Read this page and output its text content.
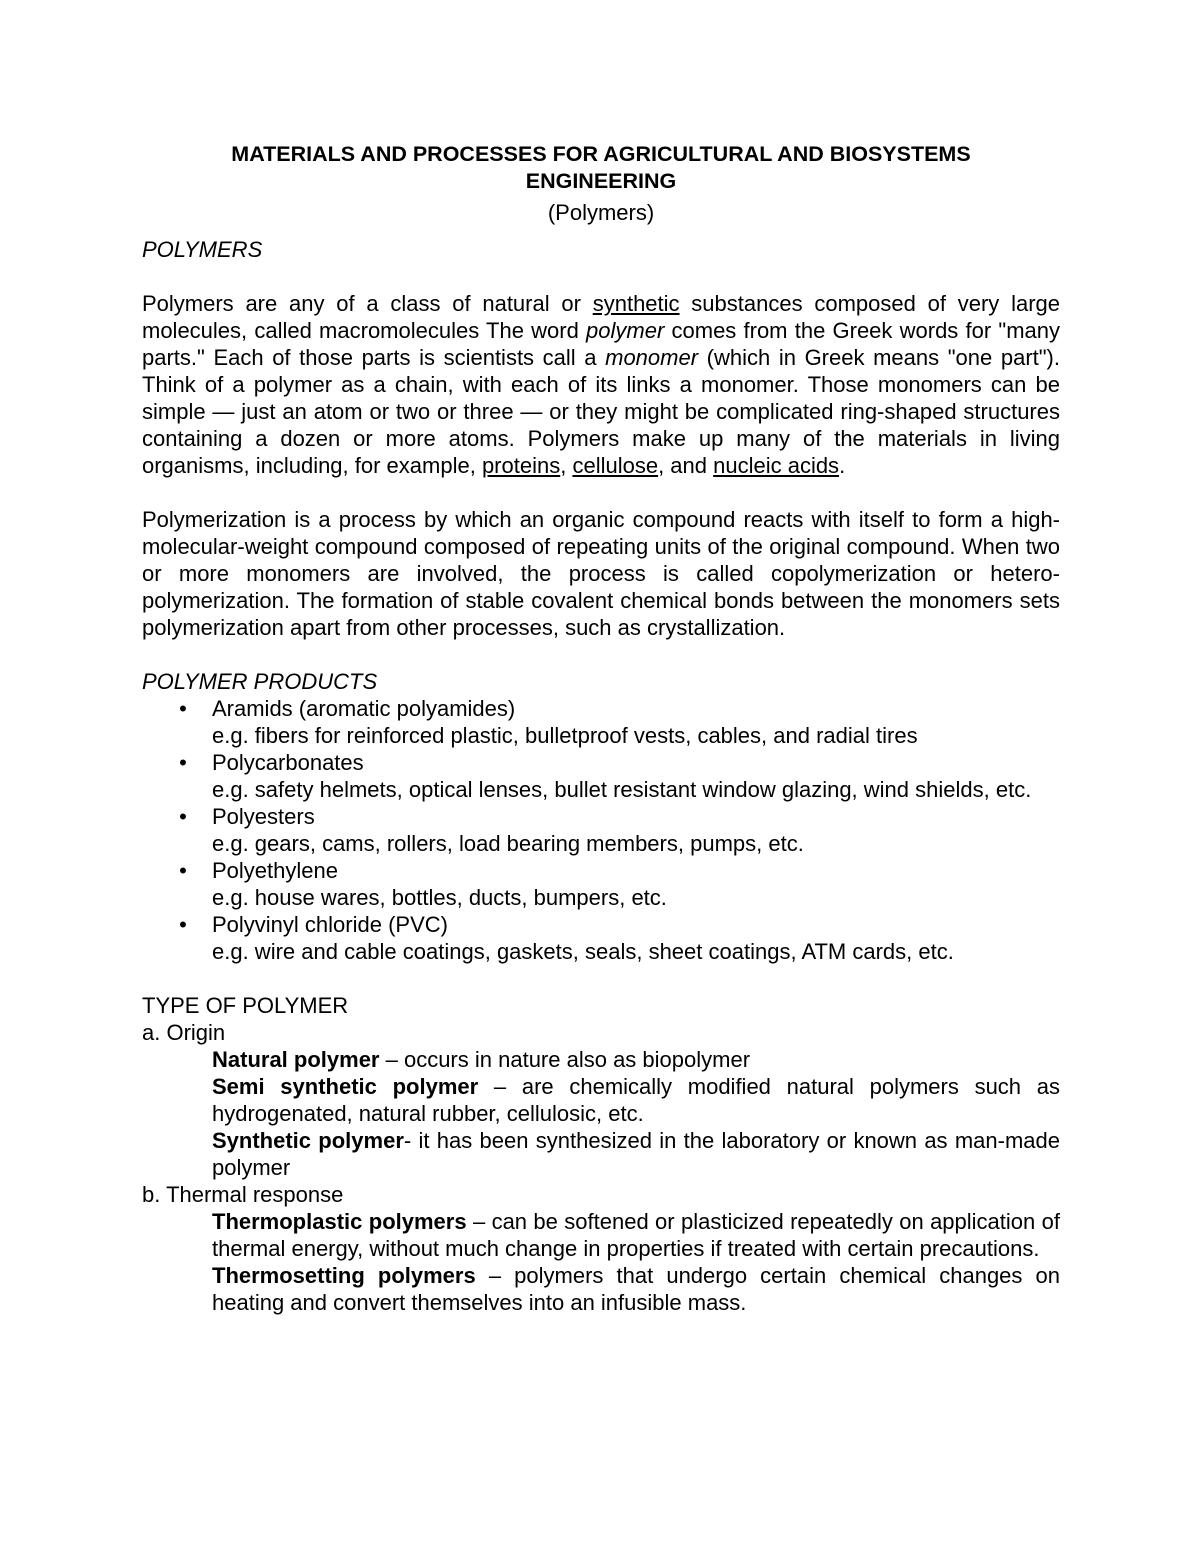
MATERIALS AND PROCESSES FOR AGRICULTURAL AND BIOSYSTEMS
ENGINEERING
(Polymers)
POLYMERS

Polymers are any of a class of natural or synthetic substances composed of very large molecules, called macromolecules The word polymer comes from the Greek words for "many parts." Each of those parts is scientists call a monomer (which in Greek means "one part"). Think of a polymer as a chain, with each of its links a monomer. Those monomers can be simple — just an atom or two or three — or they might be complicated ring-shaped structures containing a dozen or more atoms. Polymers make up many of the materials in living organisms, including, for example, proteins, cellulose, and nucleic acids.

Polymerization is a process by which an organic compound reacts with itself to form a high-molecular-weight compound composed of repeating units of the original compound. When two or more monomers are involved, the process is called copolymerization or hetero-polymerization. The formation of stable covalent chemical bonds between the monomers sets polymerization apart from other processes, such as crystallization.

POLYMER PRODUCTS
• Aramids (aromatic polyamides)
e.g. fibers for reinforced plastic, bulletproof vests, cables, and radial tires
• Polycarbonates
e.g. safety helmets, optical lenses, bullet resistant window glazing, wind shields, etc.
• Polyesters
e.g. gears, cams, rollers, load bearing members, pumps, etc.
• Polyethylene
e.g. house wares, bottles, ducts, bumpers, etc.
• Polyvinyl chloride (PVC)
e.g. wire and cable coatings, gaskets, seals, sheet coatings, ATM cards, etc.
TYPE OF POLYMER
a. Origin
Natural polymer – occurs in nature also as biopolymer
Semi synthetic polymer – are chemically modified natural polymers such as hydrogenated, natural rubber, cellulosic, etc.
Synthetic polymer- it has been synthesized in the laboratory or known as man-made polymer
b. Thermal response
Thermoplastic polymers – can be softened or plasticized repeatedly on application of thermal energy, without much change in properties if treated with certain precautions.
Thermosetting polymers – polymers that undergo certain chemical changes on heating and convert themselves into an infusible mass.
